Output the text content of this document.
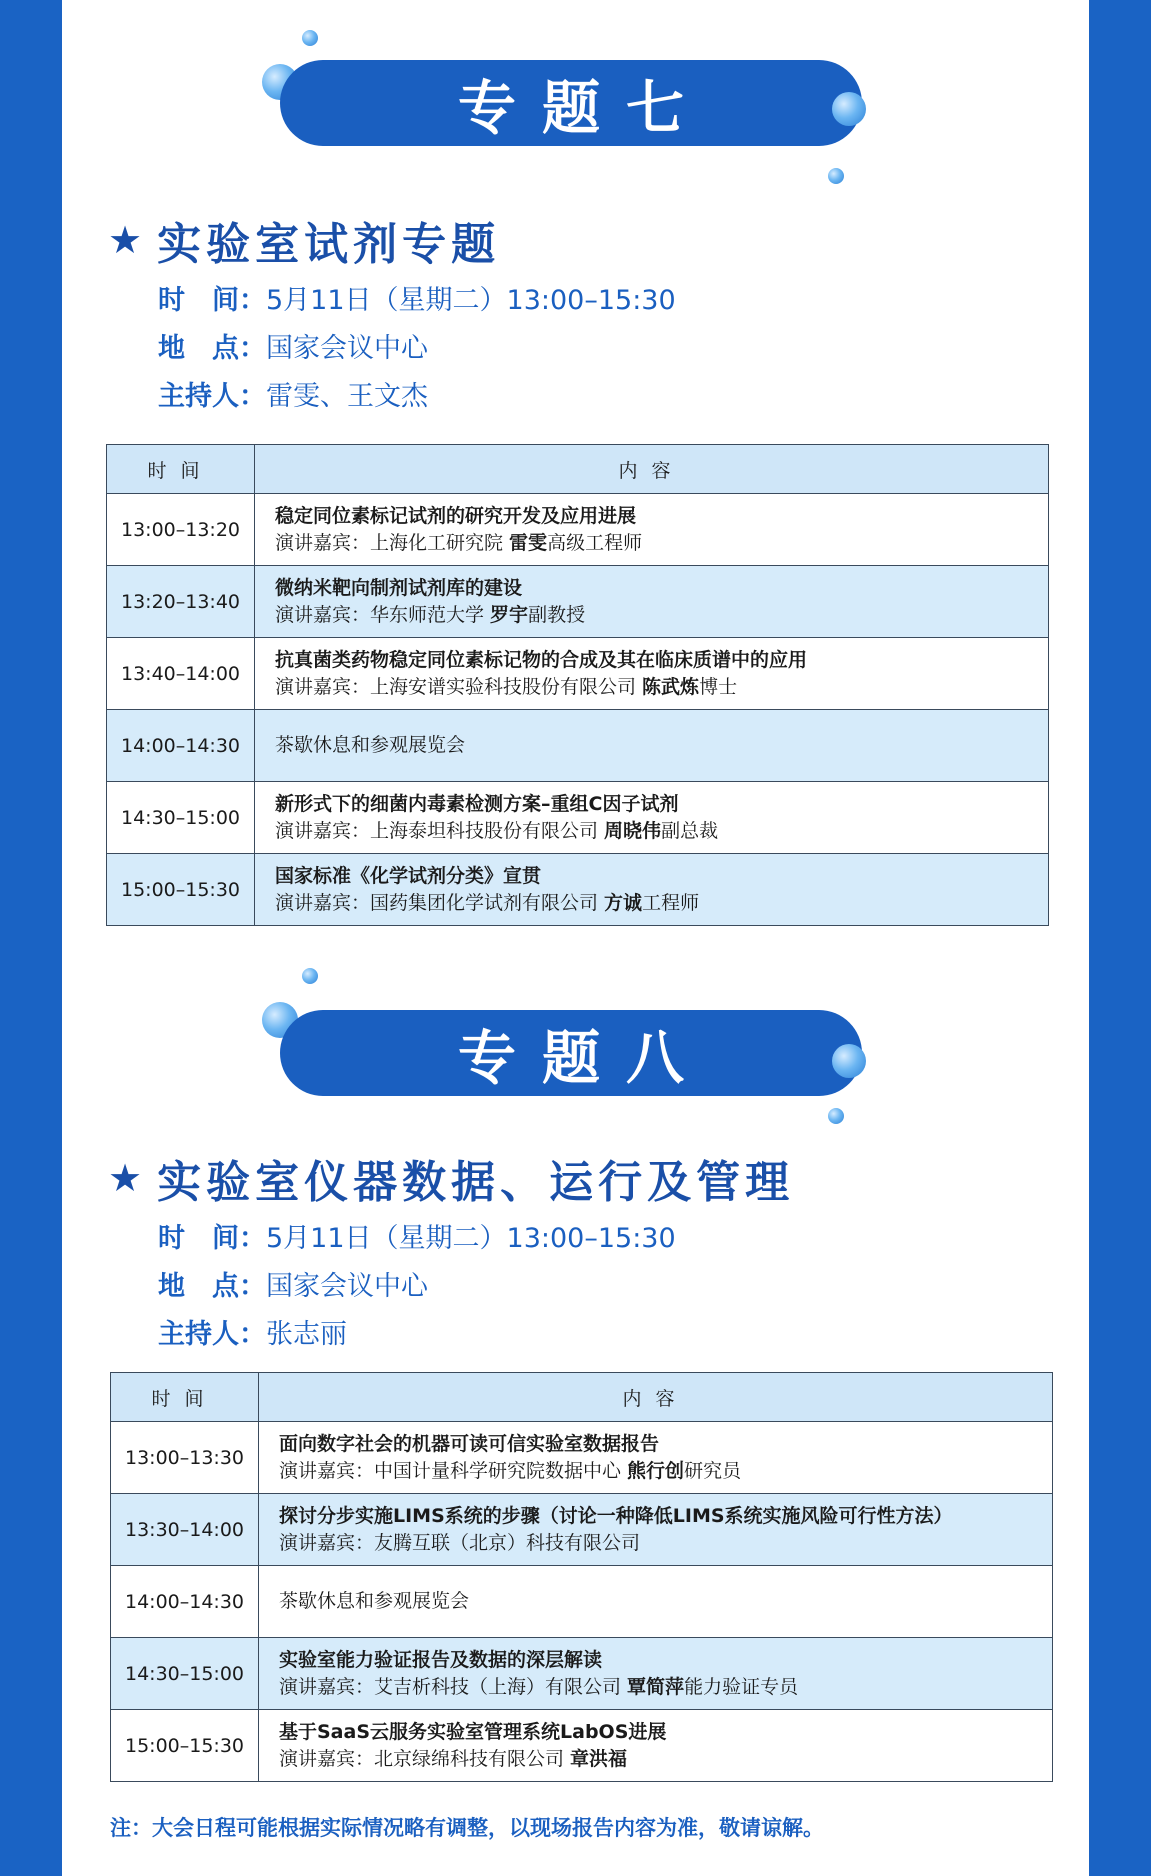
专题七
★ 实验室试剂专题
时　间：5月11日（星期二）13:00–15:30
地　点：国家会议中心
主持人：雷雯、王文杰
时间	内容
13:00–13:20	稳定同位素标记试剂的研究开发及应用进展
演讲嘉宾：上海化工研究院 雷雯高级工程师

13:20–13:40	微纳米靶向制剂试剂库的建设
演讲嘉宾：华东师范大学 罗宇副教授

13:40–14:00	抗真菌类药物稳定同位素标记物的合成及其在临床质谱中的应用
演讲嘉宾：上海安谱实验科技股份有限公司 陈武炼博士

14:00–14:30	茶歇休息和参观展览会

14:30–15:00	新形式下的细菌内毒素检测方案–重组C因子试剂
演讲嘉宾：上海泰坦科技股份有限公司 周晓伟副总裁

15:00–15:30	国家标准《化学试剂分类》宣贯
演讲嘉宾：国药集团化学试剂有限公司 方诚工程师
专题八
★ 实验室仪器数据、运行及管理
时　间：5月11日（星期二）13:00–15:30
地　点：国家会议中心
主持人：张志丽
时间	内容
13:00–13:30	面向数字社会的机器可读可信实验室数据报告
演讲嘉宾：中国计量科学研究院数据中心 熊行创研究员

13:30–14:00	探讨分步实施LIMS系统的步骤（讨论一种降低LIMS系统实施风险可行性方法）
演讲嘉宾：友腾互联（北京）科技有限公司

14:00–14:30	茶歇休息和参观展览会

14:30–15:00	实验室能力验证报告及数据的深层解读
演讲嘉宾：艾吉析科技（上海）有限公司 覃简萍能力验证专员

15:00–15:30	基于SaaS云服务实验室管理系统LabOS进展
演讲嘉宾：北京绿绵科技有限公司 章洪福
注：大会日程可能根据实际情况略有调整，以现场报告内容为准，敬请谅解。
